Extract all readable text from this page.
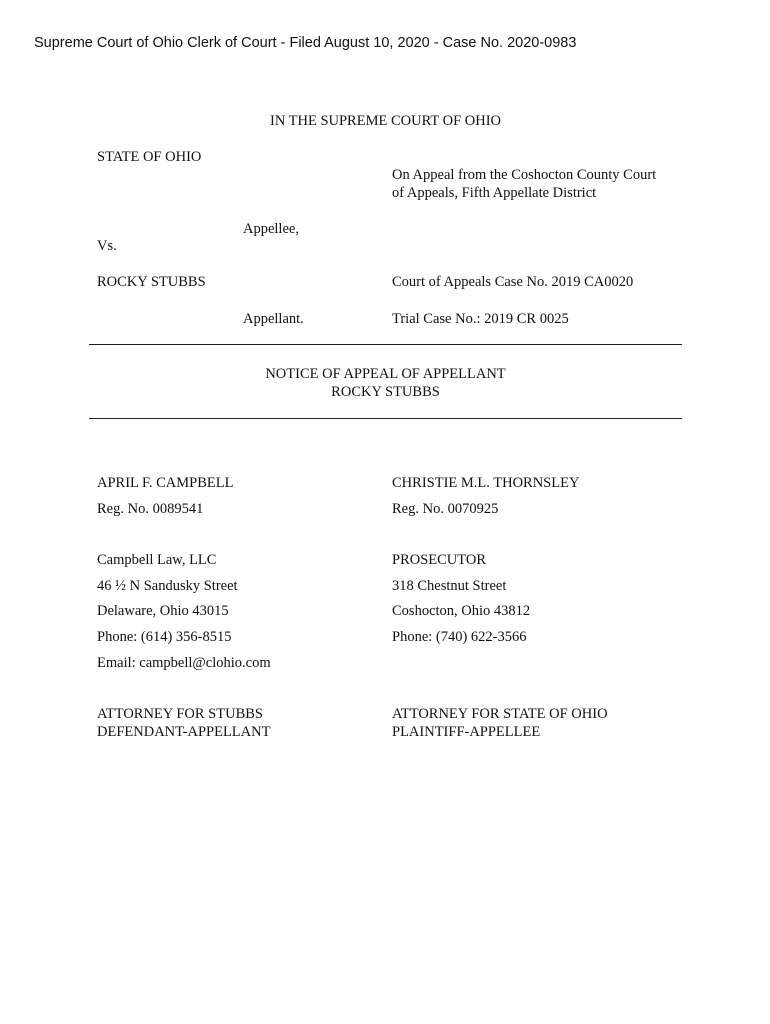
Supreme Court of Ohio Clerk of Court - Filed August 10, 2020 - Case No. 2020-0983
IN THE SUPREME COURT OF OHIO
STATE OF OHIO
Appellee,
Vs.
ROCKY STUBBS
Appellant.
On Appeal from the Coshocton County Court
of Appeals, Fifth Appellate District
Court of Appeals Case No. 2019 CA0020
Trial Case No.: 2019 CR 0025
NOTICE OF APPEAL OF APPELLANT
ROCKY STUBBS
APRIL F. CAMPBELL
Reg. No. 0089541
Campbell Law, LLC
46 ½ N Sandusky Street
Delaware, Ohio 43015
Phone: (614) 356-8515
Email: campbell@clohio.com
ATTORNEY FOR STUBBS
DEFENDANT-APPELLANT
CHRISTIE M.L. THORNSLEY
Reg. No. 0070925
PROSECUTOR
318 Chestnut Street
Coshocton, Ohio 43812
Phone: (740) 622-3566
ATTORNEY FOR STATE OF OHIO
PLAINTIFF-APPELLEE
